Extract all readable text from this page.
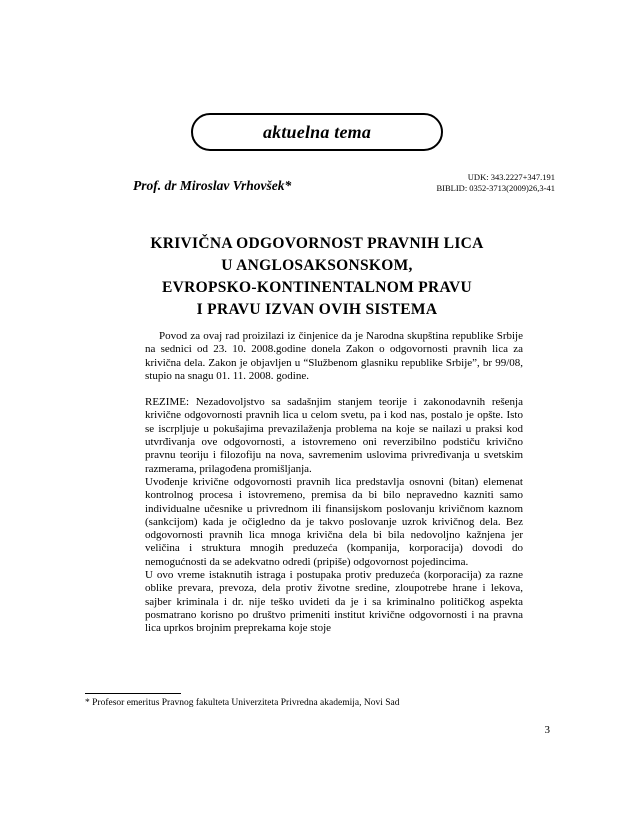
aktuelna tema
Prof. dr Miroslav Vrhovšek*
UDK: 343.2227+347.191
BIBLID: 0352-3713(2009)26,3-41
KRIVIČNA ODGOVORNOST PRAVNIH LICA
U ANGLOSAKSONSKOM,
EVROPSKO-KONTINENTALNOM PRAVU
I PRAVU IZVAN OVIH SISTEMA

Povod za ovaj rad proizilazi iz činjenice da je Narodna skupština republike Srbije na sednici od 23. 10. 2008.godine donela Zakon o odgovornosti pravnih lica za krivična dela. Zakon je objavljen u “Službenom glasniku republike Srbije”, br 99/08, stupio na snagu 01. 11. 2008. godine.

REZIME: Nezadovoljstvo sa sadašnjim stanjem teorije i zakonodavnih rešenja krivične odgovornosti pravnih lica u celom svetu, pa i kod nas, postalo je opšte. Isto se iscrpljuje u pokušajima prevazilaženja problema na koje se nailazi u praksi kod utvrđivanja ove odgovornosti, a istovremeno oni reverzibilno podstiču krivično pravnu teoriju i filozofiju na nova, savremenim uslovima privređivanja u svetskim razmerama, prilagođena promišljanja.

Uvođenje krivične odgovornosti pravnih lica predstavlja osnovni (bitan) elemenat kontrolnog procesa i istovremeno, premisa da bi bilo nepravedno kazniti samo individualne učesnike u privrednom ili finansijskom poslovanju krivičnom kaznom (sankcijom) kada je očigledno da je takvo poslovanje uzrok krivičnog dela. Bez odgovornosti pravnih lica mnoga krivična dela bi bila nedovoljno kažnjena jer veličina i struktura mnogih preduzeća (kompanija, korporacija) dovodi do nemogućnosti da se adekvatno odredi (pripiše) odgovornost pojedincima.

U ovo vreme istaknutih istraga i postupaka protiv preduzeća (korporacija) za razne oblike prevara, prevoza, dela protiv životne sredine, zloupotrebe hrane i lekova, sajber kriminala i dr. nije teško uvideti da je i sa kriminalno političkog aspekta posmatrano korisno po društvo primeniti institut krivične odgovornosti i na pravna lica uprkos brojnim preprekama koje stoje

* Profesor emeritus Pravnog fakulteta Univerziteta Privredna akademija, Novi Sad
3
